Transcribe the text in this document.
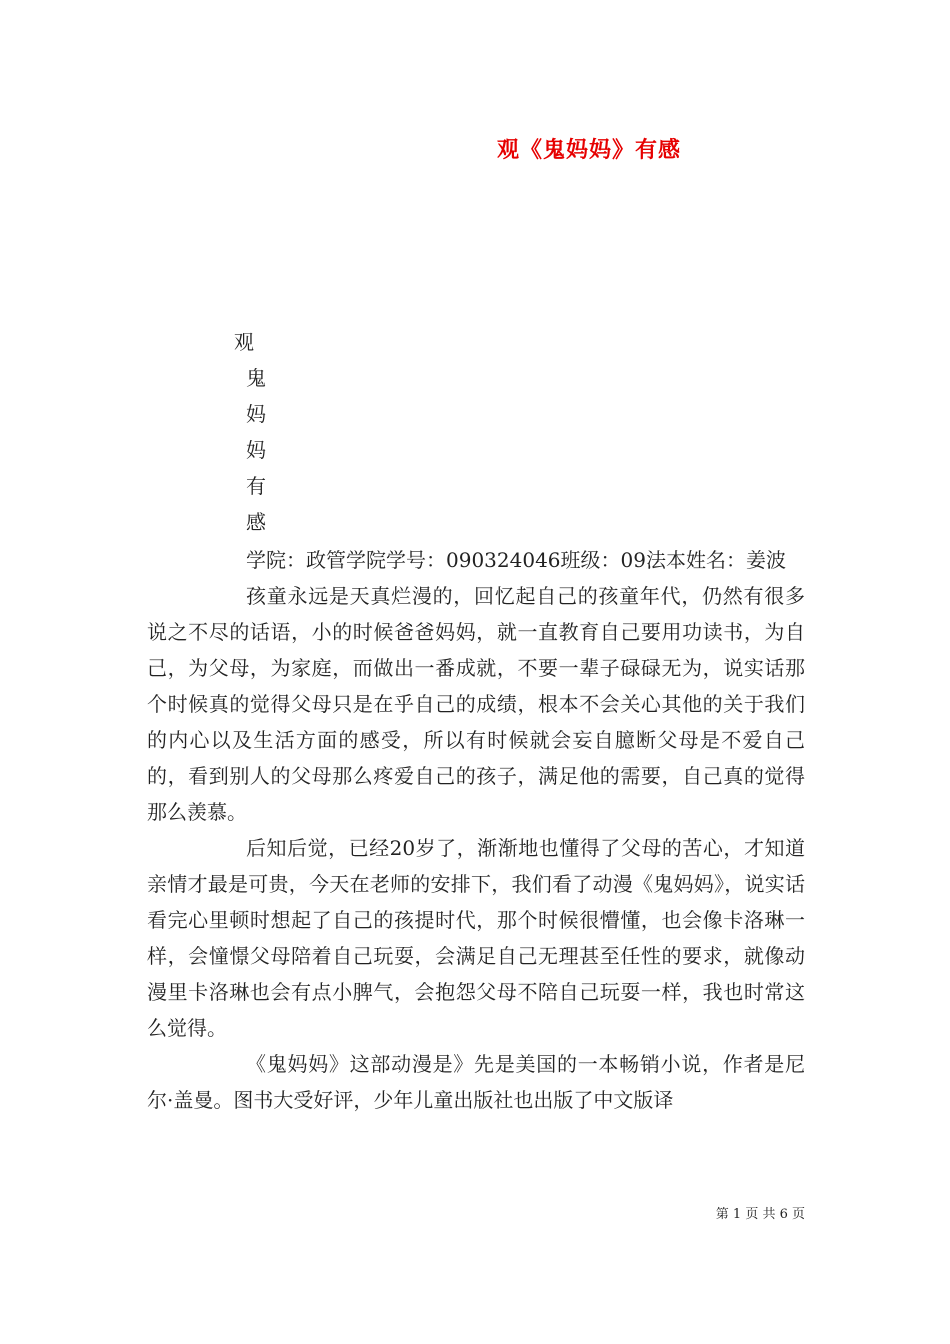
观《鬼妈妈》有感
观
鬼
妈
妈
有
感

学院：政管学院学号：090324046班级：09法本姓名：姜波

孩童永远是天真烂漫的，回忆起自己的孩童年代，仍然有很多说之不尽的话语，小的时候爸爸妈妈，就一直教育自己要用功读书，为自己，为父母，为家庭，而做出一番成就，不要一辈子碌碌无为，说实话那个时候真的觉得父母只是在乎自己的成绩，根本不会关心其他的关于我们的内心以及生活方面的感受，所以有时候就会妄自臆断父母是不爱自己的，看到别人的父母那么疼爱自己的孩子，满足他的需要，自己真的觉得那么羡慕。

后知后觉，已经20岁了，渐渐地也懂得了父母的苦心，才知道亲情才最是可贵，今天在老师的安排下，我们看了动漫《鬼妈妈》，说实话看完心里顿时想起了自己的孩提时代，那个时候很懵懂，也会像卡洛琳一样，会憧憬父母陪着自己玩耍，会满足自己无理甚至任性的要求，就像动漫里卡洛琳也会有点小脾气，会抱怨父母不陪自己玩耍一样，我也时常这么觉得。

《鬼妈妈》这部动漫是》先是美国的一本畅销小说，作者是尼尔·盖曼。图书大受好评，少年儿童出版社也出版了中文版译

第 1 页 共 6 页
